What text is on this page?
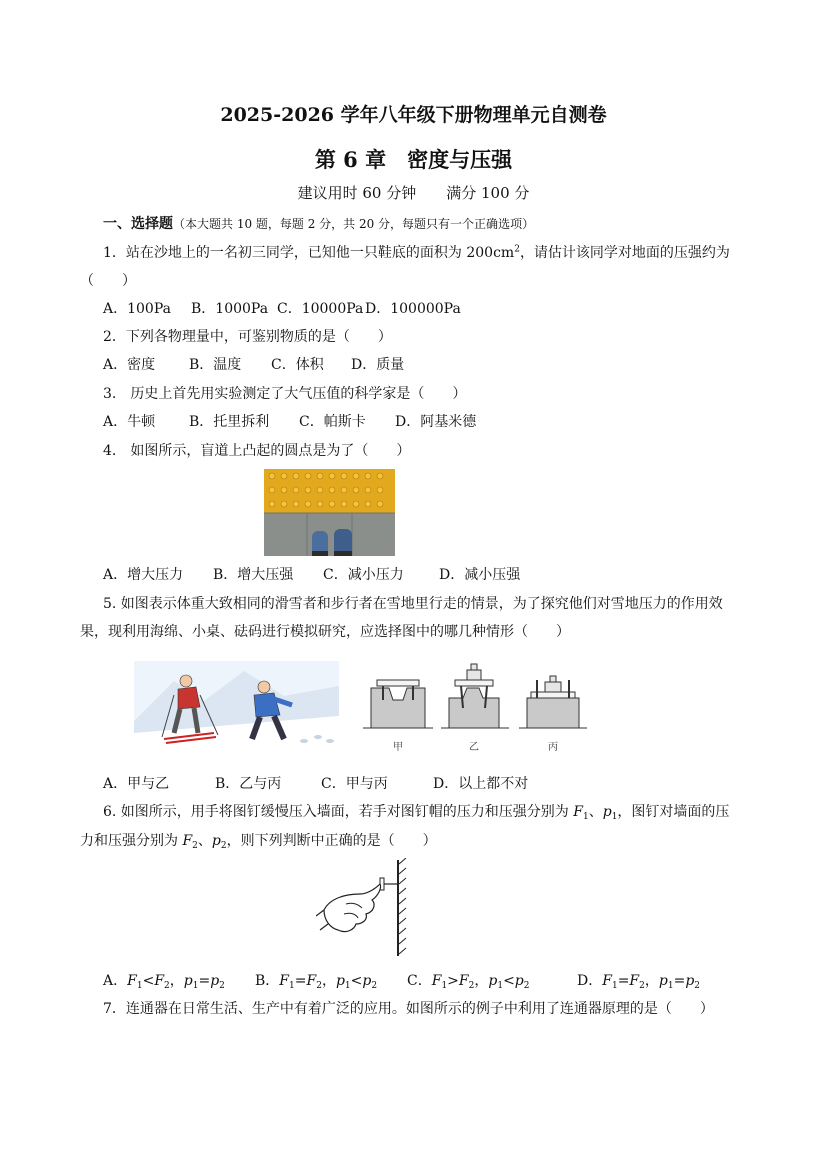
2025-2026 学年八年级下册物理单元自测卷
第 6 章　密度与压强
建议用时 60 分钟　　满分 100 分
一、选择题（本大题共 10 题，每题 2 分，共 20 分，每题只有一个正确选项）
1．站在沙地上的一名初三同学，已知他一只鞋底的面积为 $200cm^2$，请估计该同学对地面的压强约为
（　　）
A．100Pa B．1000Pa C．10000Pa D．100000Pa
2．下列各物理量中，可鉴别物质的是（　　）
A．密度 B．温度 C．体积 D．质量
3.　历史上首先用实验测定了大气压值的科学家是（　　）
A．牛顿 B．托里拆利 C．帕斯卡 D．阿基米德
4.　如图所示，盲道上凸起的圆点是为了（　　）
A．增大压力 B．增大压强 C．减小压力	D．减小压强
5. 如图表示体重大致相同的滑雪者和步行者在雪地里行走的情景，为了探究他们对雪地压力的作用效
果，现利用海绵、小桌、砝码进行模拟研究，应选择图中的哪几种情形（　　）
甲	乙	丙
A．甲与乙	B．乙与丙	C．甲与丙	D．以上都不对
6. 如图所示，用手将图钉缓慢压入墙面，若手对图钉帽的压力和压强分别为 $F_1$、$p_1$，图钉对墙面的压
力和压强分别为 $F_2$、$p_2$，则下列判断中正确的是（　　）
A．$F_1<F_2$，$p_1=p_2$ B．$F_1=F_2$，$p_1<p_2$ C．$F_1>F_2$，$p_1<p_2$	D．$F_1=F_2$，$p_1=p_2$
7．连通器在日常生活、生产中有着广泛的应用。如图所示的例子中利用了连通器原理的是（　　）
